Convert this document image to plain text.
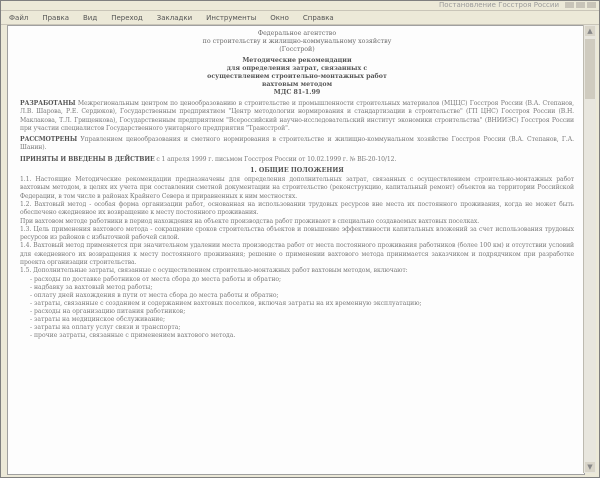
Постановление Госстроя России
Файл Правка Вид Переход Закладки Инструменты Окно Справка

Федеральное агентство

по строительству и жилищно-коммунальному хозяйству

(Госстрой)

Методические рекомендации

для определения затрат, связанных с

осуществлением строительно-монтажных работ

вахтовым методом

МДС 81-1.99

РАЗРАБОТАНЫ Межрегиональным центром по ценообразованию в строительстве и промышленности строительных материалов (МЦЦС) Госстроя России (В.А. Степанов, Л.В. Шарова, Р.Е. Сердюков), Государственным предприятием "Центр методологии нормирования и стандартизации в строительстве" (ГП ЦНС) Госстроя России (В.Н. Маклакова, Т.Л. Грищенкова), Государственным предприятием "Всероссийский научно-исследовательский институт экономики строительства" (ВНИИЭС) Госстроя России при участии специалистов Государственного унитарного предприятия "Трансстрой".

РАССМОТРЕНЫ Управлением ценообразования и сметного нормирования в строительстве и жилищно-коммунальном хозяйстве Госстроя России (В.А. Степанов, Г.А. Шанин).

ПРИНЯТЫ И ВВЕДЕНЫ В ДЕЙСТВИЕ с 1 апреля 1999 г. письмом Госстроя России от 10.02.1999 г. № ВБ-20-10/12.

1. ОБЩИЕ ПОЛОЖЕНИЯ

1.1. Настоящие Методические рекомендации предназначены для определения дополнительных затрат, связанных с осуществлением строительно-монтажных работ вахтовым методом, в целях их учета при составлении сметной документации на строительство (реконструкцию, капитальный ремонт) объектов на территории Российской Федерации, в том числе в районах Крайнего Севера и приравненных к ним местностях.

1.2. Вахтовый метод - особая форма организации работ, основанная на использовании трудовых ресурсов вне места их постоянного проживания, когда не может быть обеспечено ежедневное их возвращение к месту постоянного проживания.

При вахтовом методе работники в период нахождения на объекте производства работ проживают в специально создаваемых вахтовых поселках.

1.3. Цель применения вахтового метода - сокращение сроков строительства объектов и повышение эффективности капитальных вложений за счет использования трудовых ресурсов из районов с избыточной рабочей силой.

1.4. Вахтовый метод применяется при значительном удалении места производства работ от места постоянного проживания работников (более 100 км) и отсутствии условий для ежедневного их возвращения к месту постоянного проживания; решение о применении вахтового метода принимается заказчиком и подрядчиком при разработке проекта организации строительства.

1.5. Дополнительные затраты, связанные с осуществлением строительно-монтажных работ вахтовым методом, включают:

- расходы по доставке работников от места сбора до места работы и обратно;

- надбавку за вахтовый метод работы;

- оплату дней нахождения в пути от места сбора до места работы и обратно;

- затраты, связанные с созданием и содержанием вахтовых поселков, включая затраты на их временную эксплуатацию;

- расходы на организацию питания работников;

- затраты на медицинское обслуживание;

- затраты на оплату услуг связи и транспорта;

- прочие затраты, связанные с применением вахтового метода.

▲
▼
